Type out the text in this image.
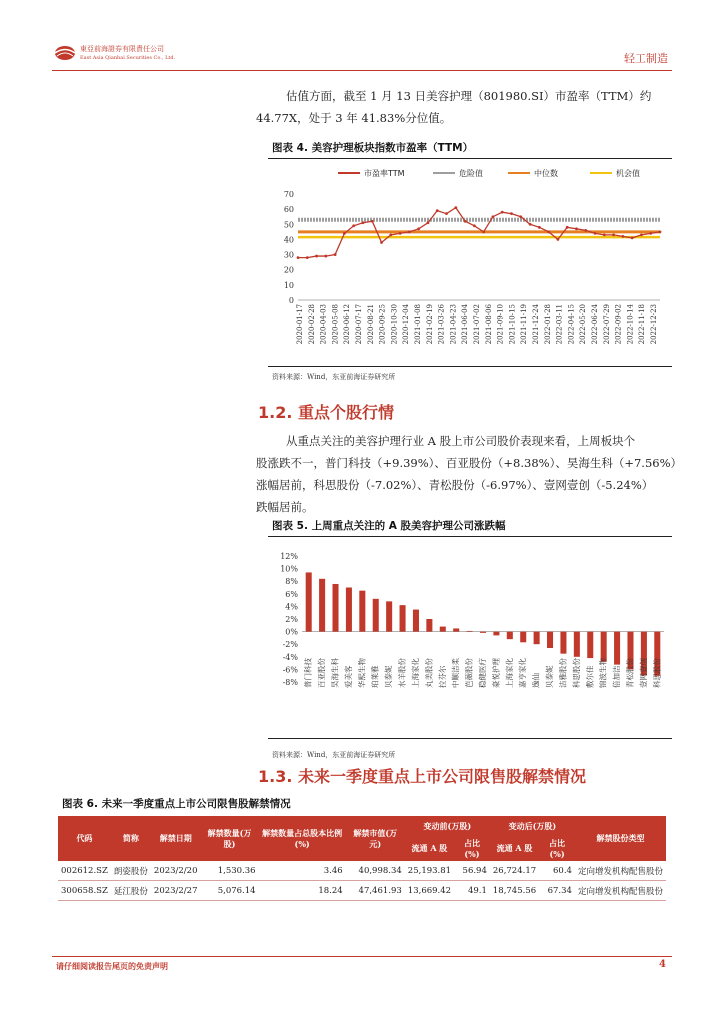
東亞前海證券有限責任公司
East Asia Qianhai Securities Co., Ltd.	轻工制造
估值方面，截至 1 月 13 日美容护理（801980.SI）市盈率（TTM）约
44.77X，处于 3 年 41.83%分位值。
图表 4. 美容护理板块指数市盈率（TTM）
市盈率TTM	危险值	中位数	机会值
0
10
20
30
40
50
60
70
2020-01-17 2020-02-28 2020-04-03 2020-05-08 2020-06-12 2020-07-17 2020-08-21 2020-09-25 2020-10-30 2020-12-04 2021-01-08 2021-02-19 2021-03-26 2021-04-23 2021-06-04 2021-07-02 2021-08-06 2021-09-10 2021-10-15 2021-11-19 2021-12-24 2022-01-28 2022-03-11 2022-04-15 2022-05-20 2022-06-24 2022-07-29 2022-09-02 2022-10-14 2022-11-18 2022-12-23
资料来源：Wind，东亚前海证券研究所
1.2. 重点个股行情
从重点关注的美容护理行业 A 股上市公司股价表现来看，上周板块个
股涨跌不一，普门科技（+9.39%）、百亚股份（+8.38%）、昊海生科（+7.56%）
涨幅居前，科思股份（-7.02%）、青松股份（-6.97%）、壹网壹创（-5.24%）
跌幅居前。
图表 5. 上周重点关注的 A 股美容护理公司涨跌幅
12%
10%
8%
6%
4%
2%
0%
-2%
-4%
-6%
-8% 普门科技 百亚股份 昊海生科 爱美客 华熙生物 珀莱雅 贝泰妮 水羊股份 上海家化 丸美股份 拉芬尔 中顺洁柔 芭薇股份 稳健医疗 豪悦护理 上海家化 嘉亨家化 逸仙 贝泰妮 洁雅股份 科思股份 敷尔佳 锦波生物 倍加洁 青松股份 壹网壹创 科思股份
资料来源：Wind，东亚前海证券研究所
1.3. 未来一季度重点上市公司限售股解禁情况
图表 6. 未来一季度重点上市公司限售股解禁情况
代码	简称	解禁日期	解禁数量(万股)	解禁数量占总股本比例(%)	解禁市值(万元)	变动前(万股)		变动后(万股)		解禁股份类型
						流通 A 股	占比(%)	流通 A 股	占比(%)	
002612.SZ	朗姿股份	2023/2/20	1,530.36	3.46	40,998.34	25,193.81	56.94	26,724.17	60.4	定向增发机构配售股份
300658.SZ	延江股份	2023/2/27	5,076.14	18.24	47,461.93	13,669.42	49.1	18,745.56	67.34	定向增发机构配售股份
请仔细阅读报告尾页的免责声明	4
